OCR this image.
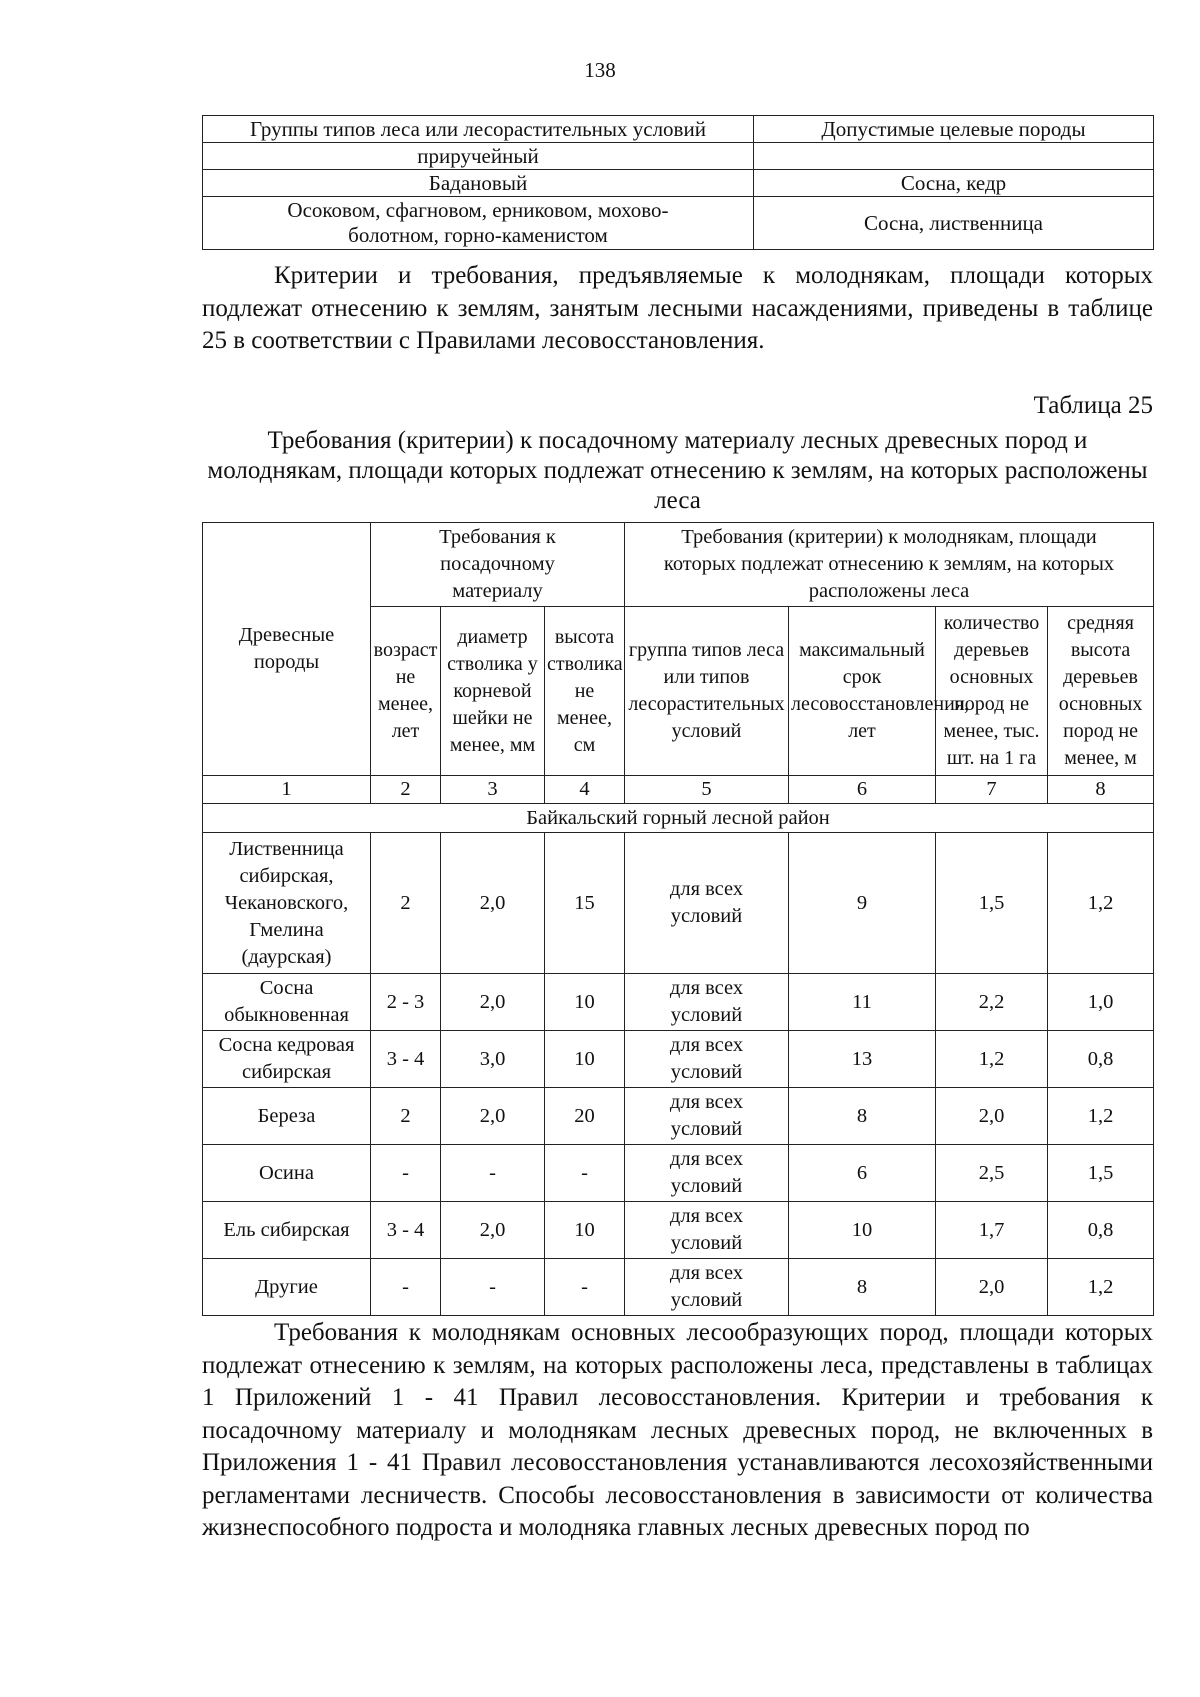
138
Группы типов леса или лесорастительных условий	Допустимые целевые породы
приручейный	
Бадановый	Сосна, кедр
Осоковом, сфагновом, ерниковом, мохово-болотном, горно-каменистом	Сосна, лиственница
Критерии и требования, предъявляемые к молоднякам, площади которых подлежат отнесению к землям, занятым лесными насаждениями, приведены в таблице 25 в соответствии с Правилами лесовосстановления.
Таблица 25
Требования (критерии) к посадочному материалу лесных древесных пород и молоднякам, площади которых подлежат отнесению к землям, на которых расположены леса
Древесные породы	Требования к посадочному материалу			Требования (критерии) к молоднякам, площади которых подлежат отнесению к землям, на которых расположены леса			
	возраст не менее, лет	диаметр стволика у корневой шейки не менее, мм	высота стволика не менее, см	группа типов леса или типов лесорастительных условий	максимальный срок лесовосстановления, лет	количество деревьев основных пород не менее, тыс. шт. на 1 га	средняя высота деревьев основных пород не менее, м
1	2	3	4	5	6	7	8
Байкальский горный лесной район							
Лиственница сибирская, Чекановского, Гмелина (даурская)	2	2,0	15	для всех условий	9	1,5	1,2
Сосна обыкновенная	2 - 3	2,0	10	для всех условий	11	2,2	1,0
Сосна кедровая сибирская	3 - 4	3,0	10	для всех условий	13	1,2	0,8
Береза	2	2,0	20	для всех условий	8	2,0	1,2
Осина	-	-	-	для всех условий	6	2,5	1,5
Ель сибирская	3 - 4	2,0	10	для всех условий	10	1,7	0,8
Другие	-	-	-	для всех условий	8	2,0	1,2
Требования к молоднякам основных лесообразующих пород, площади которых подлежат отнесению к землям, на которых расположены леса, представлены в таблицах 1 Приложений 1 - 41 Правил лесовосстановления. Критерии и требования к посадочному материалу и молоднякам лесных древесных пород, не включенных в Приложения 1 - 41 Правил лесовосстановления устанавливаются лесохозяйственными регламентами лесничеств. Способы лесовосстановления в зависимости от количества жизнеспособного подроста и молодняка главных лесных древесных пород по
